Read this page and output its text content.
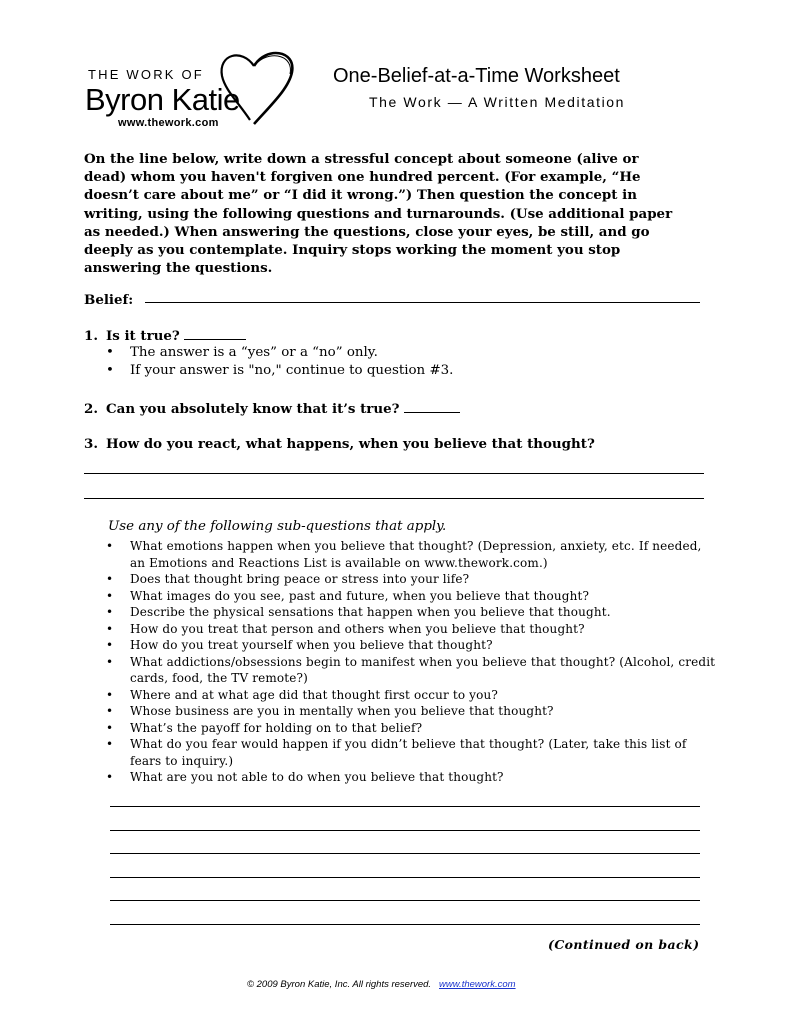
THE WORK OF
Byron Katie
www.thework.com
One-Belief-at-a-Time Worksheet
The Work — A Written Meditation
On the line below, write down a stressful concept about someone (alive or dead) whom you haven't forgiven one hundred percent. (For example, “He doesn’t care about me” or “I did it wrong.”) Then question the concept in writing, using the following questions and turnarounds. (Use additional paper as needed.) When answering the questions, close your eyes, be still, and go deeply as you contemplate. Inquiry stops working the moment you stop answering the questions.
Belief:
1. Is it true?
• The answer is a “yes” or a “no” only.
• If your answer is "no," continue to question #3.
2. Can you absolutely know that it’s true?
3. How do you react, what happens, when you believe that thought?
Use any of the following sub-questions that apply.
• What emotions happen when you believe that thought? (Depression, anxiety, etc. If needed, an Emotions and Reactions List is available on www.thework.com.)
• Does that thought bring peace or stress into your life?
• What images do you see, past and future, when you believe that thought?
• Describe the physical sensations that happen when you believe that thought.
• How do you treat that person and others when you believe that thought?
• How do you treat yourself when you believe that thought?
• What addictions/obsessions begin to manifest when you believe that thought? (Alcohol, credit cards, food, the TV remote?)
• Where and at what age did that thought first occur to you?
• Whose business are you in mentally when you believe that thought?
• What’s the payoff for holding on to that belief?
• What do you fear would happen if you didn’t believe that thought? (Later, take this list of fears to inquiry.)
• What are you not able to do when you believe that thought?
(Continued on back)
© 2009 Byron Katie, Inc. All rights reserved. www.thework.com
